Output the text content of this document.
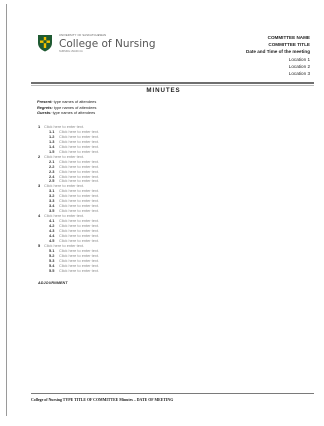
UNIVERSITY OF SASKATCHEWAN
College of Nursing
NURSING.USASK.CA
COMMITTEE NAME
COMMITTEE TITLE
Date and Time of the meeting
Location 1
Location 2
Location 3
MINUTES
Present: type names of attendees
Regrets: type names of attendees
Guests: type names of attendees
1 Click here to enter text.
1.1 Click here to enter text.
1.2 Click here to enter text.
1.3 Click here to enter text.
1.4 Click here to enter text.
1.5 Click here to enter text.
2 Click here to enter text.
2.1 Click here to enter text.
2.2 Click here to enter text.
2.3 Click here to enter text.
2.4 Click here to enter text.
2.5 Click here to enter text.
3 Click here to enter text.
3.1 Click here to enter text.
3.2 Click here to enter text.
3.3 Click here to enter text.
3.4 Click here to enter text.
3.5 Click here to enter text.
4 Click here to enter text.
4.1 Click here to enter text.
4.2 Click here to enter text.
4.3 Click here to enter text.
4.4 Click here to enter text.
4.5 Click here to enter text.
5 Click here to enter text.
5.1 Click here to enter text.
5.2 Click here to enter text.
5.3 Click here to enter text.
5.4 Click here to enter text.
5.5 Click here to enter text.
ADJOURNMENT
College of Nursing TYPE TITLE OF COMMITTEE Minutes – DATE OF MEETING
